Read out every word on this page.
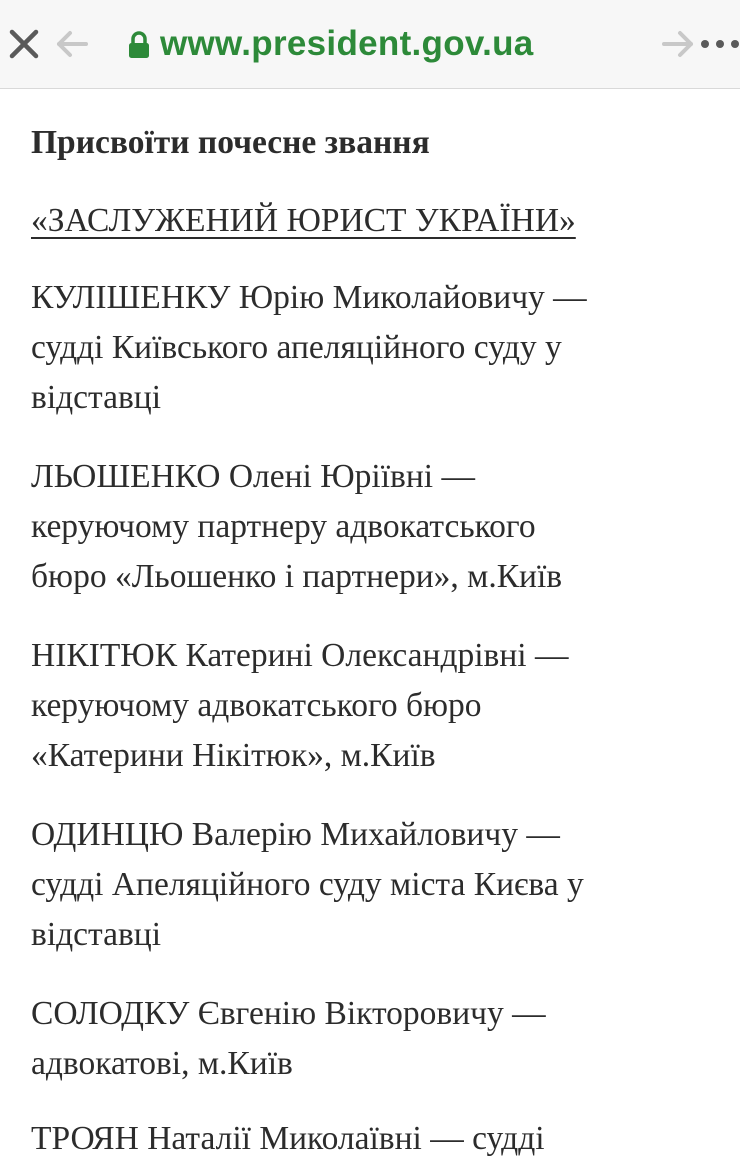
www.president.gov.ua

Присвоїти почесне звання

«ЗАСЛУЖЕНИЙ ЮРИСТ УКРАЇНИ»

КУЛІШЕНКУ Юрію Миколайовичу —
судді Київського апеляційного суду у
відставці

ЛЬОШЕНКО Олені Юріївні —
керуючому партнеру адвокатського
бюро «Льошенко і партнери», м.Київ

НІКІТЮК Катерині Олександрівні —
керуючому адвокатського бюро
«Катерини Нікітюк», м.Київ

ОДИНЦЮ Валерію Михайловичу —
судді Апеляційного суду міста Києва у
відставці

СОЛОДКУ Євгенію Вікторовичу —
адвокатові, м.Київ

ТРОЯН Наталії Миколаївні — судді
